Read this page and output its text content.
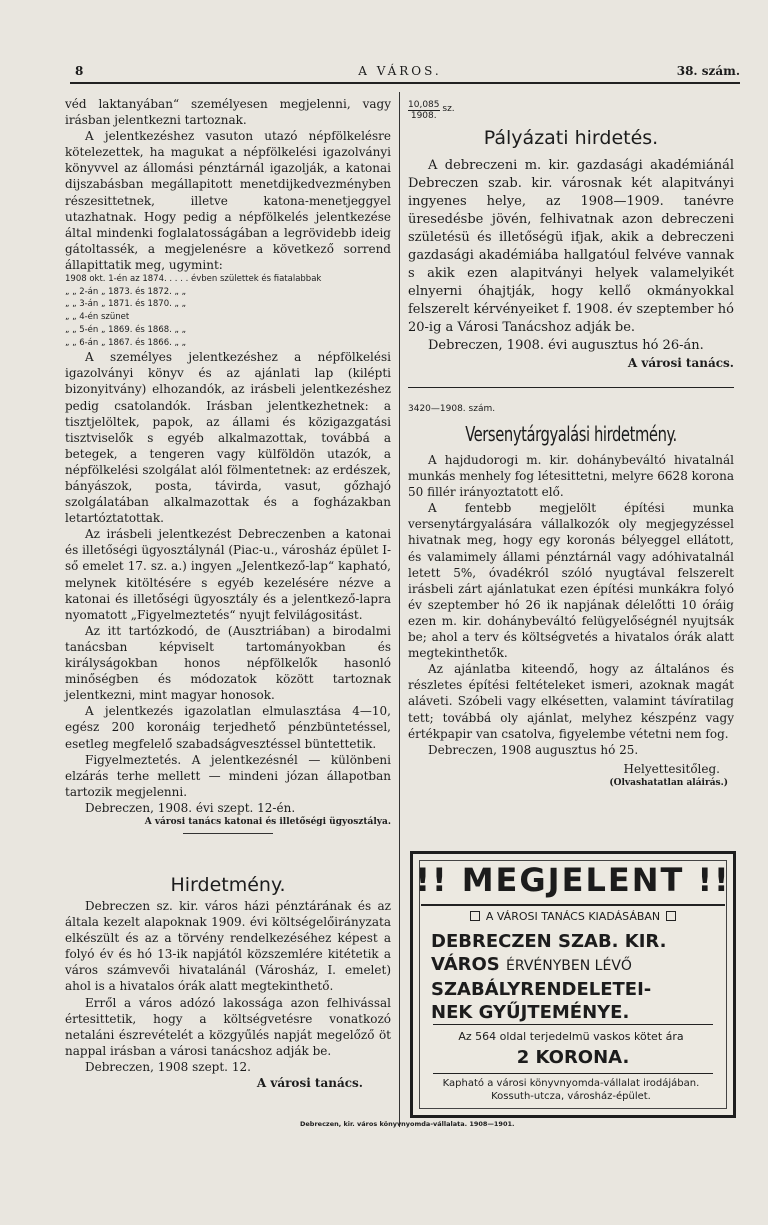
8	A VÁROS.	38. szám.

véd laktanyában“ személyesen megjelenni, vagy irásban jelentkezni tartoznak.

A jelentkezéshez vasuton utazó népfölkelésre kötelezettek, ha magukat a népfölkelési igazolványi könyvvel az állomási pénztárnál igazolják, a katonai dijszabásban megállapitott menetdijkedvezményben részesittetnek, illetve katona-menetjeggyel utazhatnak. Hogy pedig a népfölkelés jelentkezése által mindenki foglalatosságában a legrövidebb ideig gátoltassék, a megjelenésre a következő sorrend állapittatik meg, ugymint:

1908 okt. 1-én az 1874. . . . . évben születtek és fiatalabbak
„ „ 2-án „ 1873. és 1872. „ „
„ „ 3-án „ 1871. és 1870. „ „
„ „ 4-én szünet
„ „ 5-én „ 1869. és 1868. „ „
„ „ 6-án „ 1867. és 1866. „ „

A személyes jelentkezéshez a népfölkelési igazolványi könyv és az ajánlati lap (kilépti bizonyitvány) elhozandók, az irásbeli jelentkezéshez pedig csatolandók. Irásban jelentkezhetnek: a tisztjelöltek, papok, az állami és közigazgatási tisztviselők s egyéb alkalmazottak, továbbá a betegek, a tengeren vagy külföldön utazók, a népfölkelési szolgálat alól fölmentetnek: az erdészek, bányászok, posta, távirda, vasut, gőzhajó szolgálatában alkalmazottak és a fogházakban letartóztatottak.

Az irásbeli jelentkezést Debreczenben a katonai és illetőségi ügyosztálynál (Piac-u., városház épület I-ső emelet 17. sz. a.) ingyen „Jelentkező-lap“ kapható, melynek kitöltésére s egyéb kezelésére nézve a katonai és illetőségi ügyosztály és a jelentkező-lapra nyomatott „Figyelmeztetés“ nyujt felvilágositást.

Az itt tartózkodó, de (Ausztriában) a birodalmi tanácsban képviselt tartományokban és királyságokban honos népfölkelők hasonló minőségben és módozatok között tartoznak jelentkezni, mint magyar honosok.

A jelentkezés igazolatlan elmulasztása 4—10, egész 200 koronáig terjedhető pénzbüntetéssel, esetleg megfelelő szabadságvesztéssel büntettetik.

Figyelmeztetés. A jelentkezésnél — különbeni elzárás terhe mellett — mindeni józan állapotban tartozik megjelenni.

Debreczen, 1908. évi szept. 12-én.

A városi tanács katonai és illetőségi ügyosztálya.

Hirdetmény.

Debreczen sz. kir. város házi pénztárának és az általa kezelt alapoknak 1909. évi költségelőirányzata elkészült és az a törvény rendelkezéséhez képest a folyó év és hó 13-ik napjától közszemlére kitétetik a város számvevői hivatalánál (Városház, I. emelet) ahol is a hivatalos órák alatt megtekinthető.

Erről a város adózó lakossága azon felhivással értesittetik, hogy a költségvetésre vonatkozó netaláni észrevételét a közgyűlés napját megelőző öt nappal irásban a városi tanácshoz adják be.

Debreczen, 1908 szept. 12.

A városi tanács.

$\frac{10,085}{1908.}$ sz.
Pályázati hirdetés.

A debreczeni m. kir. gazdasági akadémiánál Debreczen szab. kir. városnak két alapitványi ingyenes helye, az 1908—1909. tanévre üresedésbe jövén, felhivatnak azon debreczeni születésü és illetőségü ifjak, akik a debreczeni gazdasági akadémiába hallgatóul felvéve vannak s akik ezen alapitványi helyek valamelyikét elnyerni óhajtják, hogy kellő okmányokkal felszerelt kérvényeiket f. 1908. év szeptember hó 20-ig a Városi Tanácshoz adják be.

Debreczen, 1908. évi augusztus hó 26-án.

A városi tanács.

3420—1908. szám.
Versenytárgyalási hirdetmény.

A hajdudorogi m. kir. dohánybeváltó hivatalnál munkás menhely fog létesittetni, melyre 6628 korona 50 fillér irányoztatott elő.

A fentebb megjelölt építési munka versenytárgyalására vállalkozók oly megjegyzéssel hivatnak meg, hogy egy koronás bélyeggel ellátott, és valamimely állami pénztárnál vagy adóhivatalnál letett 5%, óvadékról szóló nyugtával felszerelt irásbeli zárt ajánlatukat ezen építési munkákra folyó év szeptember hó 26 ik napjának délelőtti 10 óráig ezen m. kir. dohánybeváltó felügyelőségnél nyujtsák be; ahol a terv és költségvetés a hivatalos órák alatt megtekinthetők.

Az ajánlatba kiteendő, hogy az általános és részletes építési feltételeket ismeri, azoknak magát aláveti. Szóbeli vagy elkésetten, valamint távíratilag tett; továbbá oly ajánlat, melyhez készpénz vagy értékpapir van csatolva, figyelembe vétetni nem fog.

Debreczen, 1908 augusztus hó 25.

Helyettesitőleg.

(Olvashatatlan aláirás.)

!! MEGJELENT !!
A VÁROSI TANÁCS KIADÁSÁBAN
DEBRECZEN SZAB. KIR.
VÁROS ÉRVÉNYBEN LÉVŐ
SZABÁLYRENDELETEI-
NEK GYŰJTEMÉNYE.
Az 564 oldal terjedelmü vaskos kötet ára
2 KORONA.
Kapható a városi könyvnyomda-vállalat irodájában. Kossuth-utcza, városház-épület.
Debreczen, kir. város könyvnyomda-vállalata. 1908—1901.
